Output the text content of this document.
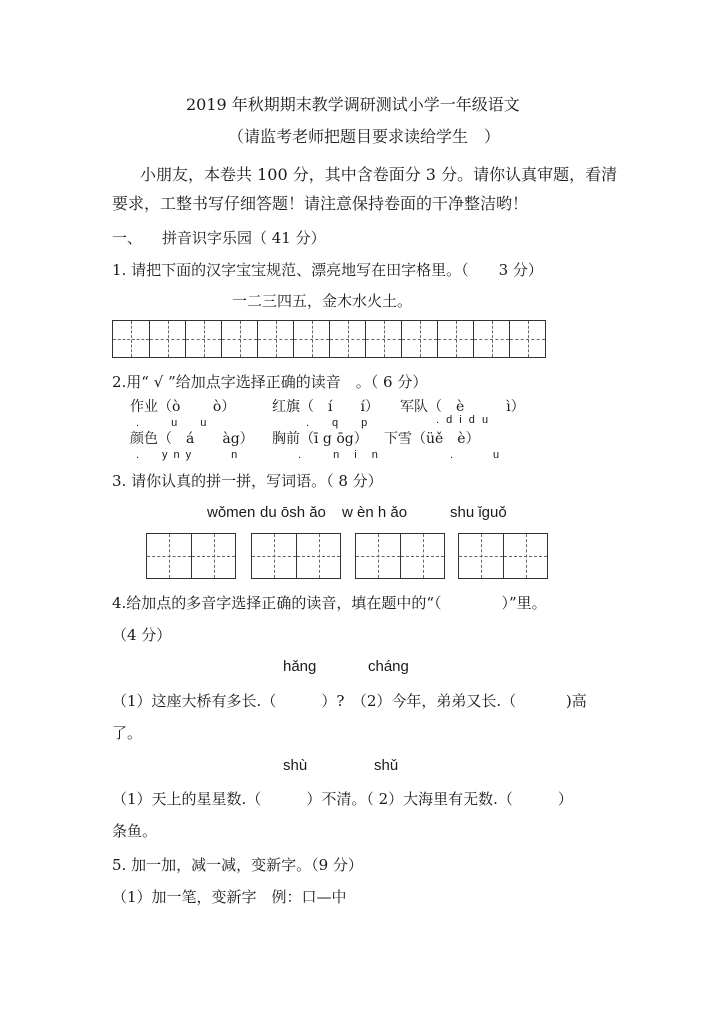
2019 年秋期期末教学调研测试小学一年级语文
（请监考老师把题目要求读给学生　）
小朋友，本卷共 100 分，其中含卷面分 3 分。请你认真审题，看清
要求，工整书写仔细答题！请注意保持卷面的干净整洁哟！
一、 拼音识字乐园（ 41 分）
1. 请把下面的汉字宝宝规范、漂亮地写在田字格里。（　　3 分）
一二三四五，金木水火土。
2.用“ √ ”给加点字选择正确的读音　。（ 6 分）
作业（ò　　 ò）	红旗（　í　　í） 军队（　è　　　ì）
.　 u　u	.　q　p	. d i d u
颜色（　á　　àg） 胸前（ī g ōg） 下雪（üě　è）
.　yny　　n	.　 n i n	.　　u
3. 请你认真的拼一拼，写词语。（ 8 分）
wǒmen du ōsh ǎo w èn h ǎo	shu ǐguǒ
4.给加点的多音字选择正确的读音，填在题中的“（　　　　）”里。
（4 分）
hǎng	cháng
（1）这座大桥有多长.（　　　）?　（2）今年，弟弟又长.（　　　 )高
了。
shù	shǔ
（1）天上的星星数.（　　　）不清。（ 2）大海里有无数.（　　　）
条鱼。
5. 加一加，减一减，变新字。（9 分）
（1）加一笔，变新字　例：口—中
